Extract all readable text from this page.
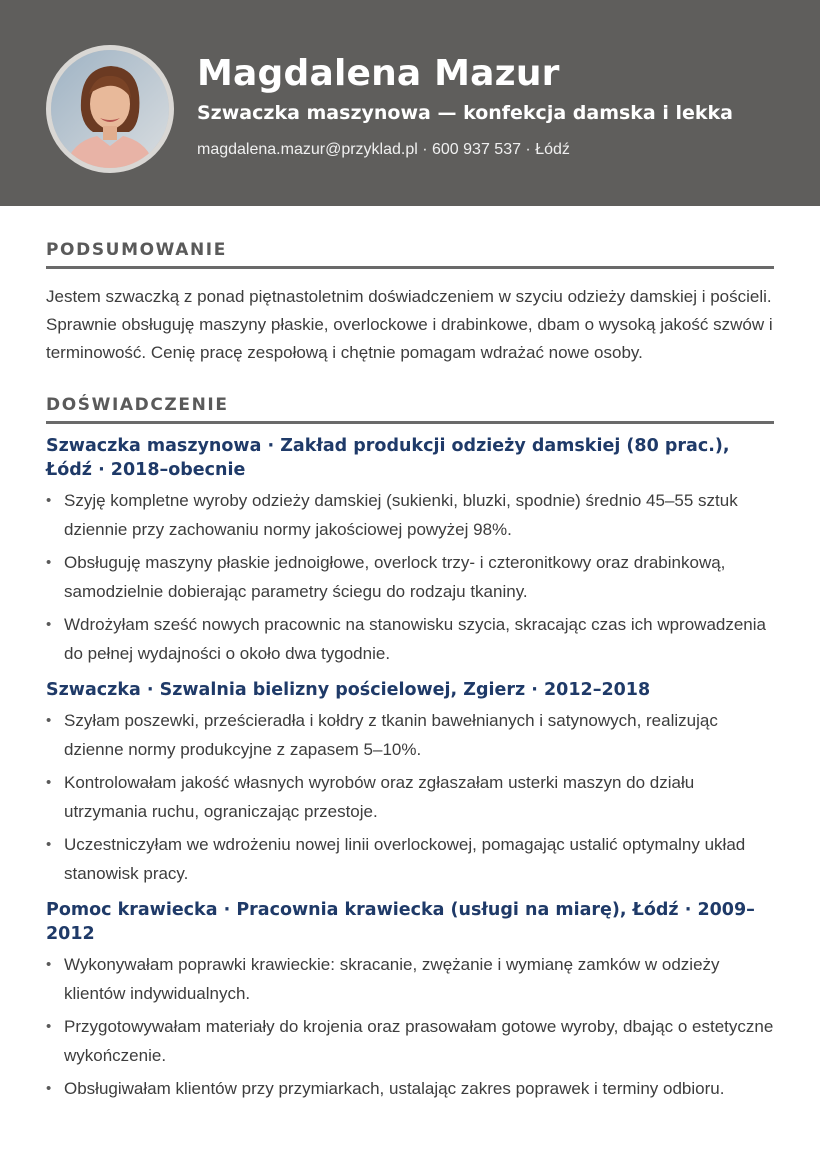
Magdalena Mazur
Szwaczka maszynowa — konfekcja damska i lekka
magdalena.mazur@przyklad.pl · 600 937 537 · Łódź
PODSUMOWANIE

Jestem szwaczką z ponad piętnastoletnim doświadczeniem w szyciu odzieży damskiej i pościeli. Sprawnie obsługuję maszyny płaskie, overlockowe i drabinkowe, dbam o wysoką jakość szwów i terminowość. Cenię pracę zespołową i chętnie pomagam wdrażać nowe osoby.

DOŚWIADCZENIE
Szwaczka maszynowa · Zakład produkcji odzieży damskiej (80 prac.), Łódź · 2018–obecnie
• Szyję kompletne wyroby odzieży damskiej (sukienki, bluzki, spodnie) średnio 45–55 sztuk dziennie przy zachowaniu normy jakościowej powyżej 98%.
• Obsługuję maszyny płaskie jednoigłowe, overlock trzy- i czteronitkowy oraz drabinkową, samodzielnie dobierając parametry ściegu do rodzaju tkaniny.
• Wdrożyłam sześć nowych pracownic na stanowisku szycia, skracając czas ich wprowadzenia do pełnej wydajności o około dwa tygodnie.
Szwaczka · Szwalnia bielizny pościelowej, Zgierz · 2012–2018
• Szyłam poszewki, prześcieradła i kołdry z tkanin bawełnianych i satynowych, realizując dzienne normy produkcyjne z zapasem 5–10%.
• Kontrolowałam jakość własnych wyrobów oraz zgłaszałam usterki maszyn do działu utrzymania ruchu, ograniczając przestoje.
• Uczestniczyłam we wdrożeniu nowej linii overlockowej, pomagając ustalić optymalny układ stanowisk pracy.
Pomoc krawiecka · Pracownia krawiecka (usługi na miarę), Łódź · 2009–2012
• Wykonywałam poprawki krawieckie: skracanie, zwężanie i wymianę zamków w odzieży klientów indywidualnych.
• Przygotowywałam materiały do krojenia oraz prasowałam gotowe wyroby, dbając o estetyczne wykończenie.
• Obsługiwałam klientów przy przymiarkach, ustalając zakres poprawek i terminy odbioru.
